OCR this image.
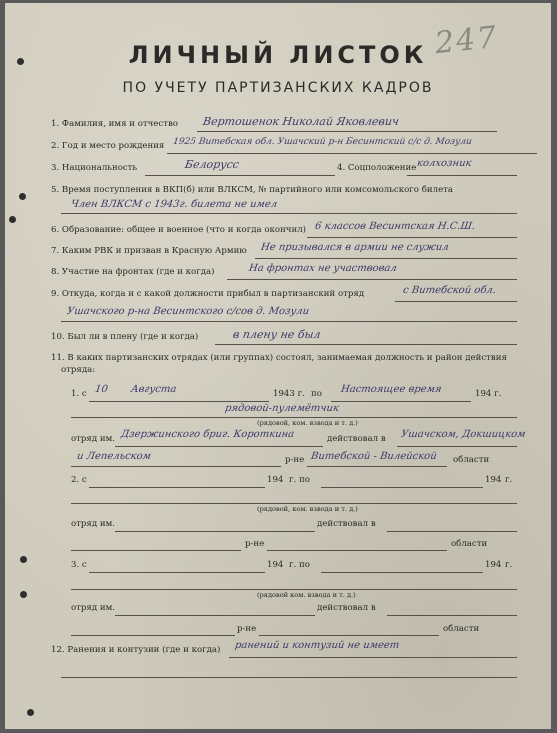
247
ЛИЧНЫЙ ЛИСТОК
ПО УЧЕТУ ПАРТИЗАНСКИХ КАДРОВ
1. Фамилия, имя и отчество Вертошенок Николай Яковлевич
2. Год и место рождения 1925 Витебская обл. Ушачский р-н Бесинтский с/с д. Мозули
3. Национальность	Белорусс	4. Соцположение колхозник
5. Время поступления в ВКП(б) или ВЛКСМ, № партийного или комсомольского билета
Член ВЛКСМ с 1943г. билета не имел
6. Образование: общее и военное (что и когда окончил) 6 классов Весинтская Н.С.Ш.
7. Каким РВК и призван в Красную Армию Не призывался в армии не служил
8. Участие на фронтах (где и когда)	На фронтах не участвовал
9. Откуда, когда и с какой должности прибыл в партизанский отряд	с Витебской обл.
Ушачского р-на Весинтского с/сов д. Мозули
10. Был ли в плену (где и когда)	в плену не был
11. В каких партизанских отрядах (или группах) состоял, занимаемая должность и район действия
отряда:
1. с 10 Августа	1943 г. по Настоящее время	194 г.
рядовой-пулемётчик
(рядовой, ком. взвода и т. д.)
отряд им. Дзержинского бриг. Короткина	действовал в Ушачском, Докшицком
и Лепельском	р-не Витебской - Вилейской области
2. с	194 г. по	194 г.
(рядовой, ком. взвода и т. д.)
отряд им.	действовал в
р-не	области
3. с	194 г. по	194 г.
(рядовой ком. взвода и т. д.)
отряд им.	действовал в
р-не	области
12. Ранения и контузии (где и когда) ранений и контузий не имеет
